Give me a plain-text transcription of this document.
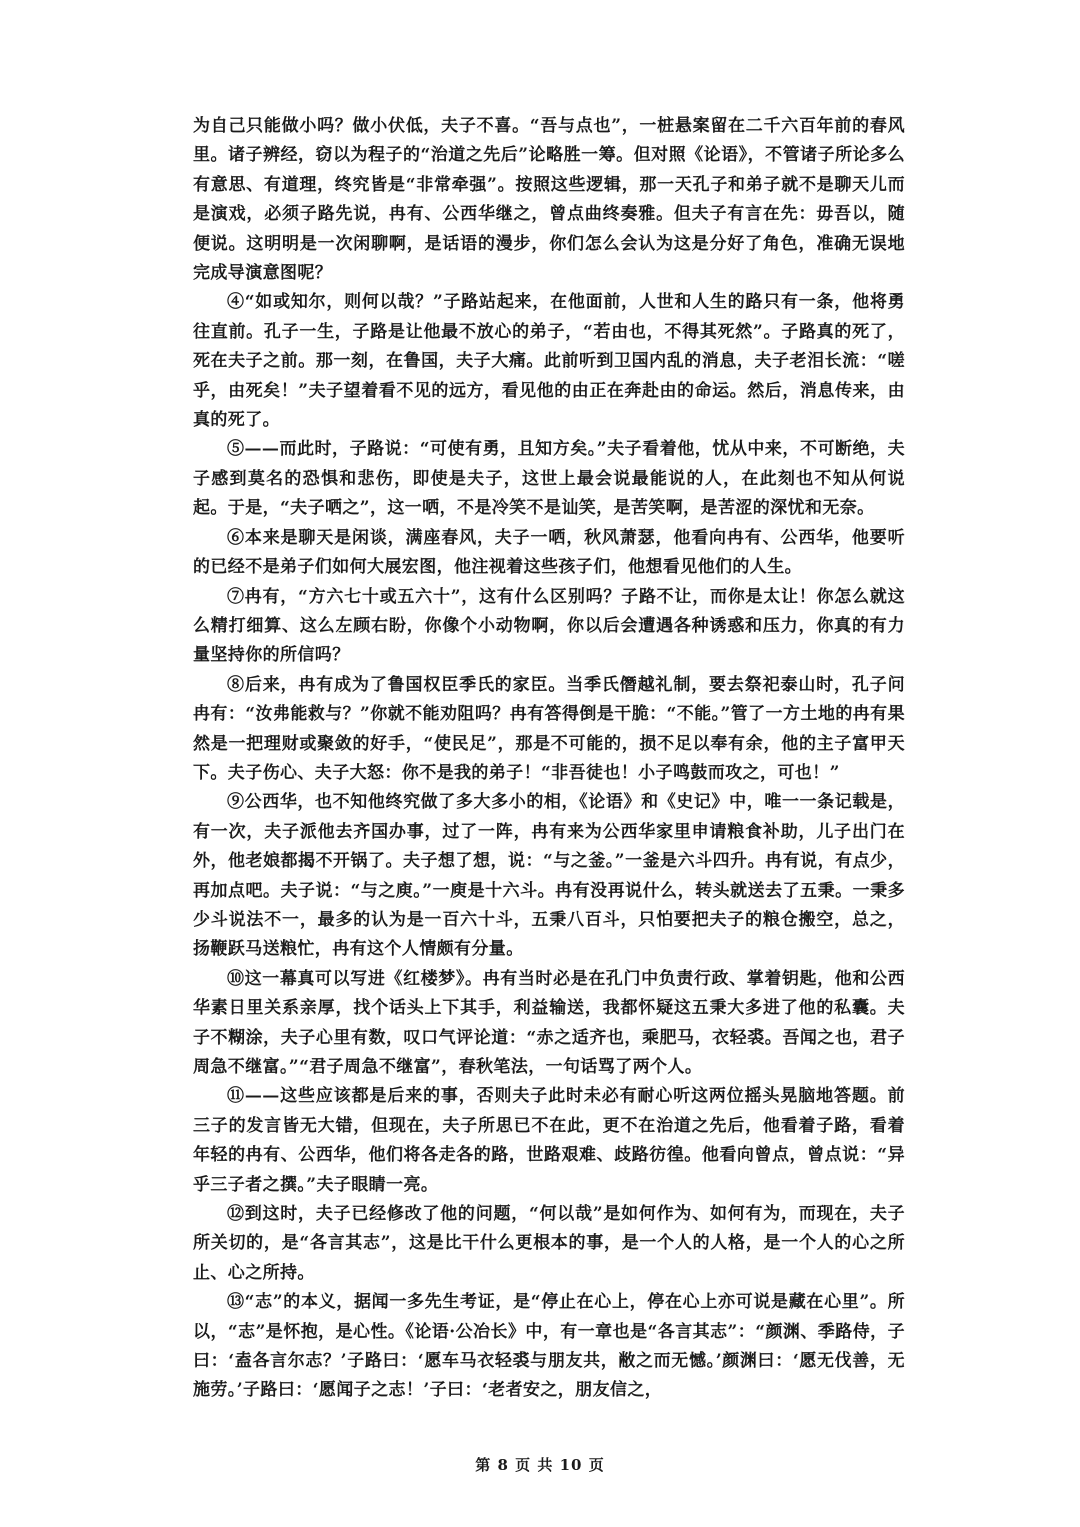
为自己只能做小吗？做小伏低，夫子不喜。“吾与点也”，一桩悬案留在二千六百年前的春风里。诸子辨经，窃以为程子的“治道之先后”论略胜一筹。但对照《论语》，不管诸子所论多么有意思、有道理，终究皆是“非常牵强”。按照这些逻辑，那一天孔子和弟子就不是聊天儿而是演戏，必须子路先说，冉有、公西华继之，曾点曲终奏雅。但夫子有言在先：毋吾以，随便说。这明明是一次闲聊啊，是话语的漫步，你们怎么会认为这是分好了角色，准确无误地完成导演意图呢？

④“如或知尔，则何以哉？”子路站起来，在他面前，人世和人生的路只有一条，他将勇往直前。孔子一生，子路是让他最不放心的弟子，“若由也，不得其死然”。子路真的死了，死在夫子之前。那一刻，在鲁国，夫子大痛。此前听到卫国内乱的消息，夫子老泪长流：“嗟乎，由死矣！”夫子望着看不见的远方，看见他的由正在奔赴由的命运。然后，消息传来，由真的死了。

⑤——而此时，子路说：“可使有勇，且知方矣。”夫子看着他，忧从中来，不可断绝，夫子感到莫名的恐惧和悲伤，即使是夫子，这世上最会说最能说的人，在此刻也不知从何说起。于是，“夫子哂之”，这一哂，不是冷笑不是讪笑，是苦笑啊，是苦涩的深忧和无奈。

⑥本来是聊天是闲谈，满座春风，夫子一哂，秋风萧瑟，他看向冉有、公西华，他要听的已经不是弟子们如何大展宏图，他注视着这些孩子们，他想看见他们的人生。

⑦冉有，“方六七十或五六十”，这有什么区别吗？子路不让，而你是太让！你怎么就这么精打细算、这么左顾右盼，你像个小动物啊，你以后会遭遇各种诱惑和压力，你真的有力量坚持你的所信吗？

⑧后来，冉有成为了鲁国权臣季氏的家臣。当季氏僭越礼制，要去祭祀泰山时，孔子问冉有：“汝弗能救与？”你就不能劝阻吗？冉有答得倒是干脆：“不能。”管了一方土地的冉有果然是一把理财或聚敛的好手，“使民足”，那是不可能的，损不足以奉有余，他的主子富甲天下。夫子伤心、夫子大怒：你不是我的弟子！“非吾徒也！小子鸣鼓而攻之，可也！”

⑨公西华，也不知他终究做了多大多小的相，《论语》和《史记》中，唯一一条记载是，有一次，夫子派他去齐国办事，过了一阵，冉有来为公西华家里申请粮食补助，儿子出门在外，他老娘都揭不开锅了。夫子想了想，说：“与之釜。”一釜是六斗四升。冉有说，有点少，再加点吧。夫子说：“与之庾。”一庾是十六斗。冉有没再说什么，转头就送去了五秉。一秉多少斗说法不一，最多的认为是一百六十斗，五秉八百斗，只怕要把夫子的粮仓搬空，总之，扬鞭跃马送粮忙，冉有这个人情颇有分量。

⑩这一幕真可以写进《红楼梦》。冉有当时必是在孔门中负责行政、掌着钥匙，他和公西华素日里关系亲厚，找个话头上下其手，利益输送，我都怀疑这五秉大多进了他的私囊。夫子不糊涂，夫子心里有数，叹口气评论道：“赤之适齐也，乘肥马，衣轻裘。吾闻之也，君子周急不继富。”“君子周急不继富”，春秋笔法，一句话骂了两个人。

⑪——这些应该都是后来的事，否则夫子此时未必有耐心听这两位摇头晃脑地答题。前三子的发言皆无大错，但现在，夫子所思已不在此，更不在治道之先后，他看着子路，看着年轻的冉有、公西华，他们将各走各的路，世路艰难、歧路彷徨。他看向曾点，曾点说：“异乎三子者之撰。”夫子眼睛一亮。

⑫到这时，夫子已经修改了他的问题，“何以哉”是如何作为、如何有为，而现在，夫子所关切的，是“各言其志”，这是比干什么更根本的事，是一个人的人格，是一个人的心之所止、心之所持。

⑬“志”的本义，据闻一多先生考证，是“停止在心上，停在心上亦可说是藏在心里”。所以，“志”是怀抱，是心性。《论语·公冶长》中，有一章也是“各言其志”：“颜渊、季路侍，子曰：‘盍各言尔志？’子路曰：‘愿车马衣轻裘与朋友共，敝之而无憾。’颜渊曰：‘愿无伐善，无施劳。’子路曰：‘愿闻子之志！’子曰：‘老者安之，朋友信之，

第 8 页 共 10 页
